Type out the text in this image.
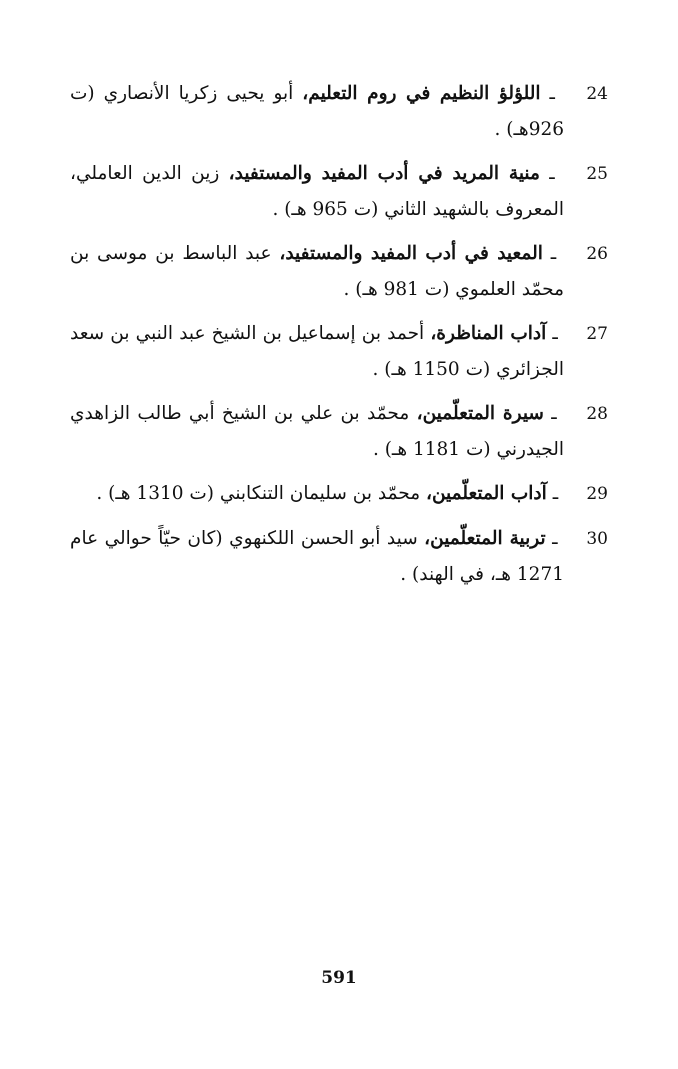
24 ـ اللؤلؤ النظيم في روم التعليم، أبو يحيى زكريا الأنصاري (ت 926هـ) .

25 ـ منية المريد في أدب المفيد والمستفيد، زين الدين العاملي، المعروف بالشهيد الثاني (ت 965 هـ) .

26 ـ المعيد في أدب المفيد والمستفيد، عبد الباسط بن موسى بن محمّد العلموي (ت 981 هـ) .

27 ـ آداب المناظرة، أحمد بن إسماعيل بن الشيخ عبد النبي بن سعد الجزائري (ت 1150 هـ) .

28 ـ سيرة المتعلّمين، محمّد بن علي بن الشيخ أبي طالب الزاهدي الجيدرني (ت 1181 هـ) .

29 ـ آداب المتعلّمين، محمّد بن سليمان التنكابني (ت 1310 هـ) .

30 ـ تربية المتعلّمين، سيد أبو الحسن اللكنهوي (كان حيّاً حوالي عام 1271 هـ، في الهند) .

591
